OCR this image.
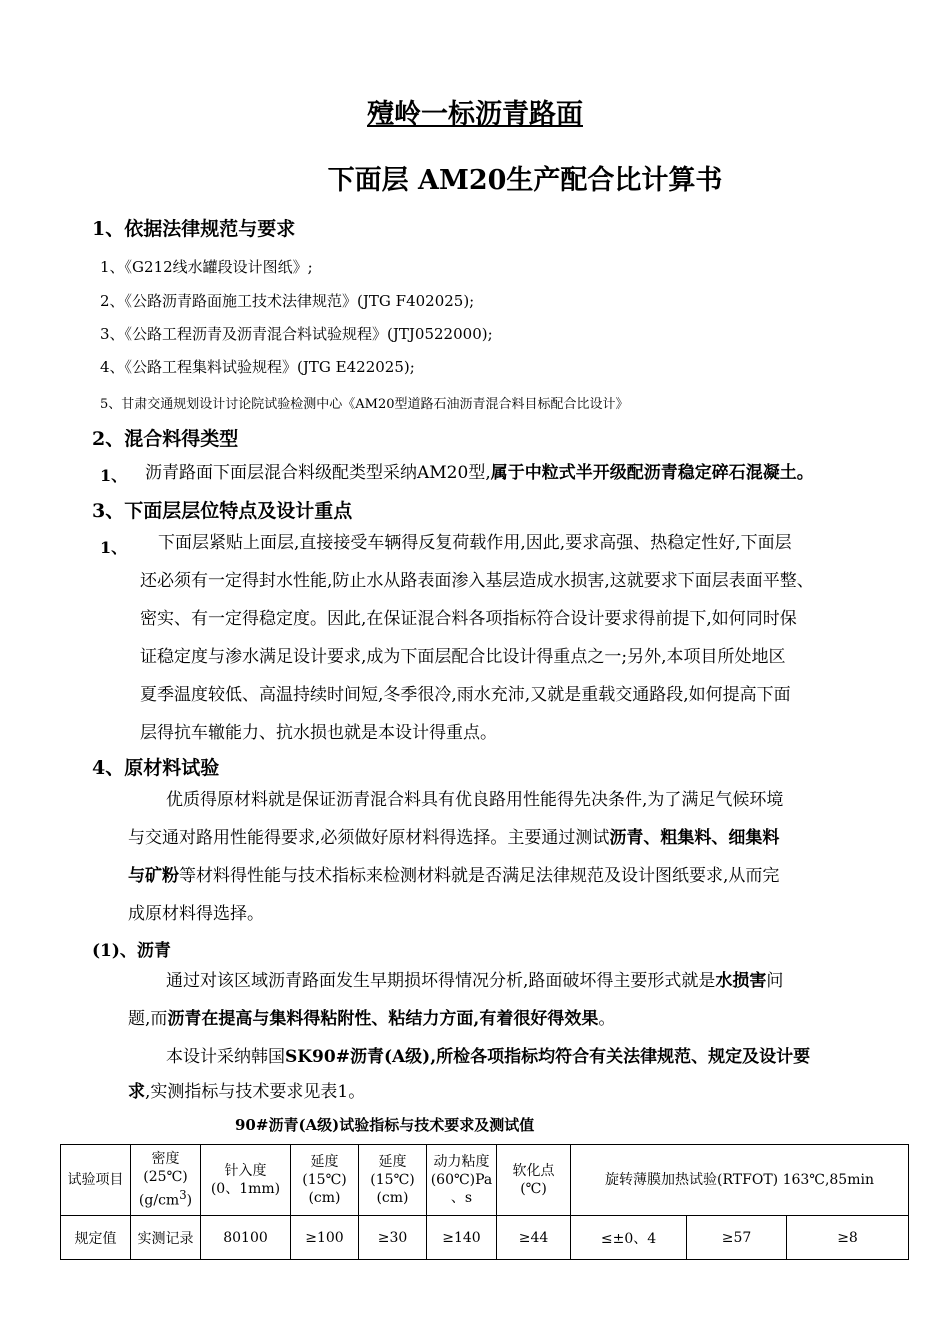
殪岭一标沥青路面
下面层 AM20生产配合比计算书
1、依据法律规范与要求
1、《G212线水罐段设计图纸》;
2、《公路沥青路面施工技术法律规范》(JTG F402025);
3、《公路工程沥青及沥青混合料试验规程》(JTJ0522000);
4、《公路工程集料试验规程》(JTG E422025);
5、甘肃交通规划设计讨论院试验检测中心《AM20型道路石油沥青混合料目标配合比设计》
2、混合料得类型
1、 沥青路面下面层混合料级配类型采纳AM20型,属于中粒式半开级配沥青稳定碎石混凝土。
3、下面层层位特点及设计重点
1、 下面层紧贴上面层,直接接受车辆得反复荷载作用,因此,要求高强、热稳定性好,下面层
还必须有一定得封水性能,防止水从路表面渗入基层造成水损害,这就要求下面层表面平整、
密实、有一定得稳定度。因此,在保证混合料各项指标符合设计要求得前提下,如何同时保
证稳定度与渗水满足设计要求,成为下面层配合比设计得重点之一;另外,本项目所处地区
夏季温度较低、高温持续时间短,冬季很冷,雨水充沛,又就是重载交通路段,如何提高下面
层得抗车辙能力、抗水损也就是本设计得重点。
4、原材料试验
优质得原材料就是保证沥青混合料具有优良路用性能得先决条件,为了满足气候环境
与交通对路用性能得要求,必须做好原材料得选择。主要通过测试沥青、粗集料、细集料
与矿粉等材料得性能与技术指标来检测材料就是否满足法律规范及设计图纸要求,从而完
成原材料得选择。
(1)、沥青
通过对该区域沥青路面发生早期损坏得情况分析,路面破坏得主要形式就是水损害问
题,而沥青在提高与集料得粘附性、粘结力方面,有着很好得效果。
本设计采纳韩国SK90#沥青(A级),所检各项指标均符合有关法律规范、规定及设计要
求,实测指标与技术要求见表1。
90#沥青(A级)试验指标与技术要求及测试值
试验项目	密度
(25℃)
$(g/cm^3)$	针入度
(0、1mm)	延度
(15℃)
(cm)	延度
(15℃)
(cm)	动力粘度
(60℃)Pa
、s	软化点
(℃)	旋转薄膜加热试验(RTFOT) 163℃,85min		
规定值	实测记录	80100	≥100	≥30	≥140	≥44	≤±0、4	≥57	≥8
